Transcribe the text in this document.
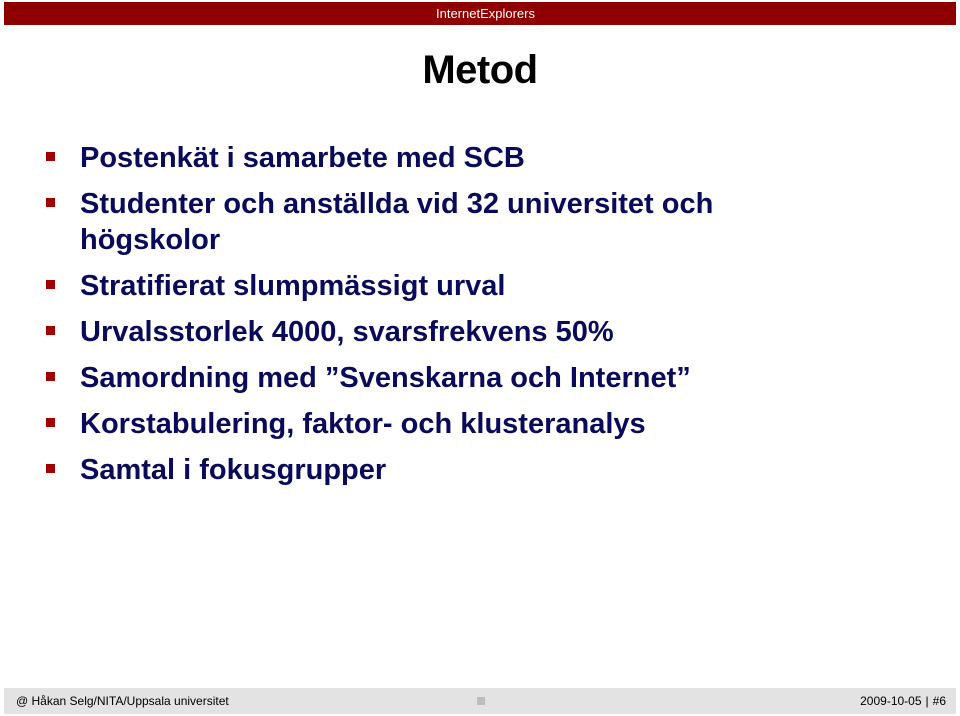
InternetExplorers
Metod
Postenkät i samarbete med SCB
Studenter och anställda vid 32 universitet och högskolor
Stratifierat slumpmässigt urval
Urvalsstorlek 4000, svarsfrekvens 50%
Samordning med ”Svenskarna och Internet”
Korstabulering, faktor- och klusteranalys
Samtal i fokusgrupper
@ Håkan Selg/NITA/Uppsala universitet	2009-10-05 | #6
